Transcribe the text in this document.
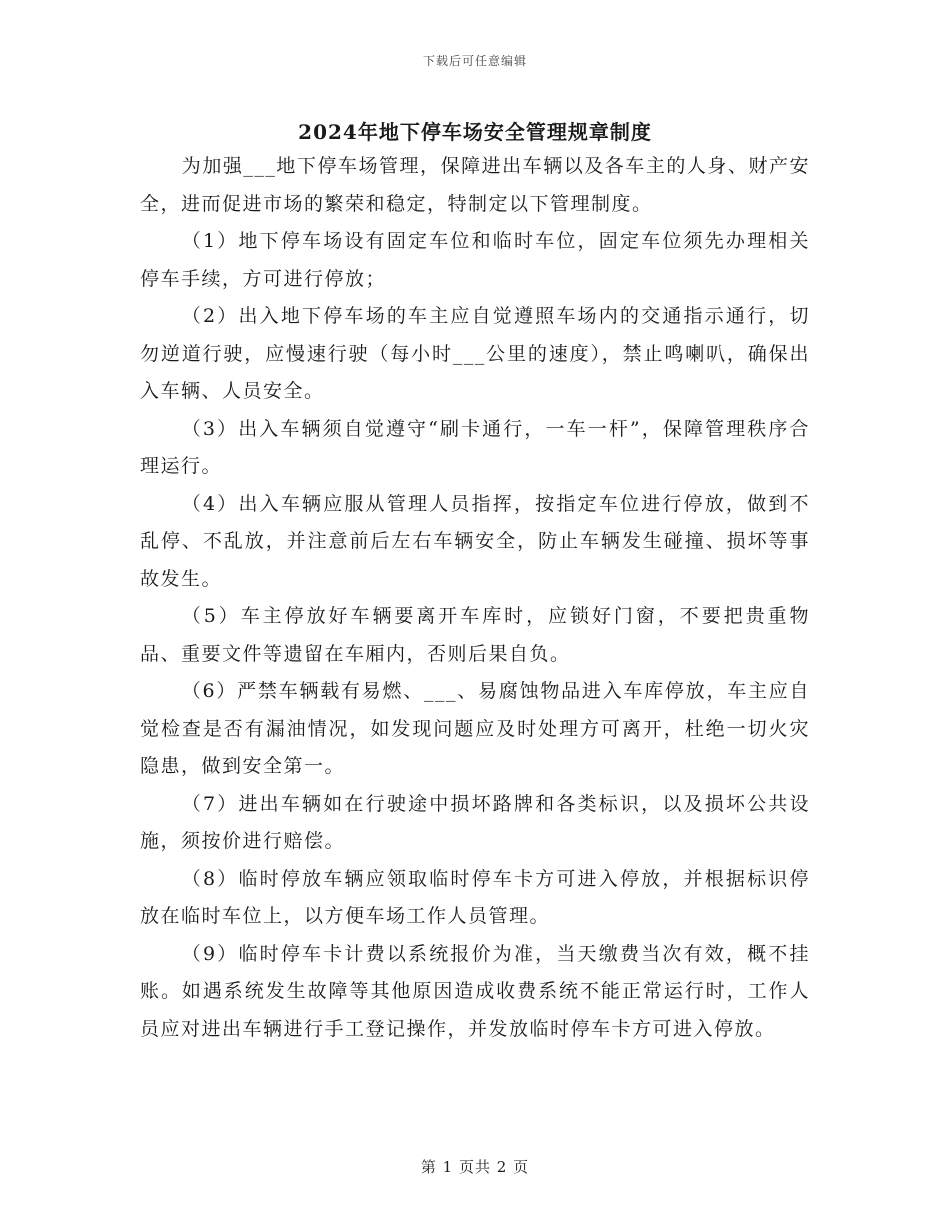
下载后可任意编辑
2024年地下停车场安全管理规章制度

为加强___地下停车场管理，保障进出车辆以及各车主的人身、财产安全，进而促进市场的繁荣和稳定，特制定以下管理制度。

（1）地下停车场设有固定车位和临时车位，固定车位须先办理相关停车手续，方可进行停放；

（2）出入地下停车场的车主应自觉遵照车场内的交通指示通行，切勿逆道行驶，应慢速行驶（每小时___公里的速度），禁止鸣喇叭，确保出入车辆、人员安全。

（3）出入车辆须自觉遵守“刷卡通行，一车一杆”，保障管理秩序合理运行。

（4）出入车辆应服从管理人员指挥，按指定车位进行停放，做到不乱停、不乱放，并注意前后左右车辆安全，防止车辆发生碰撞、损坏等事故发生。

（5）车主停放好车辆要离开车库时，应锁好门窗，不要把贵重物品、重要文件等遗留在车厢内，否则后果自负。

（6）严禁车辆载有易燃、___、易腐蚀物品进入车库停放，车主应自觉检查是否有漏油情况，如发现问题应及时处理方可离开，杜绝一切火灾隐患，做到安全第一。

（7）进出车辆如在行驶途中损坏路牌和各类标识，以及损坏公共设施，须按价进行赔偿。

（8）临时停放车辆应领取临时停车卡方可进入停放，并根据标识停放在临时车位上，以方便车场工作人员管理。

（9）临时停车卡计费以系统报价为准，当天缴费当次有效，概不挂账。如遇系统发生故障等其他原因造成收费系统不能正常运行时，工作人员应对进出车辆进行手工登记操作，并发放临时停车卡方可进入停放。

第 1 页共 2 页
